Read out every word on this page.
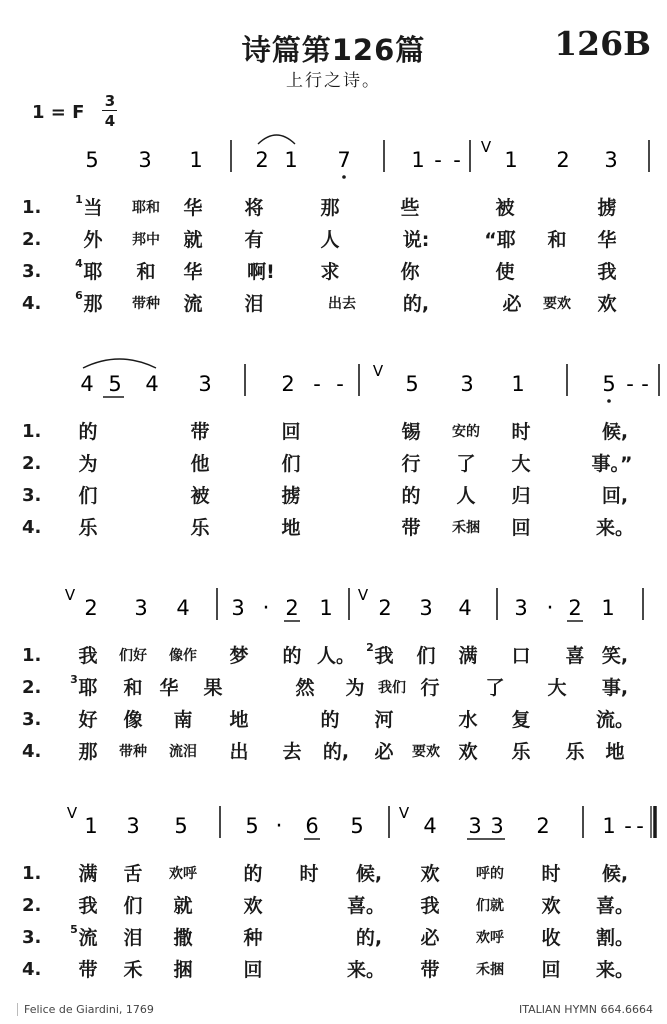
诗篇第126篇	126B
上行之诗。
1 = F
3
4
5 3 1	2 1 7	1 - -
V
1 2 3
1.	1 当 耶和 华 将	那	些	被	掳
2.	外 邦中 就 有	人	说:	“耶 和 华
3.	4 耶 和 华 啊! 求	你	使	我
4.	6 那 带种 流 泪	出去 的,	必 要欢 欢
4 5 4 3	2 - -
V
5 3 1	5 - -
1.	的	带	回	锡 安的 时	候,
2.	为	他	们	行 了 大	事。”
3.	们	被	掳	的 人 归	回,
4.	乐	乐	地	带 禾捆 回	来。
V
2 3 4 3 · 2 1
V
2 3 4 3 · 2 1
1.	我 们好 像作 梦 的 人。 2 我 们 满 口 喜 笑,
2.	3 耶 和 华 果	然 为 我们 行 了 大 事,
3.	好 像 南 地	的 河	水 复	流。
4.	那 带种 流泪 出 去 的, 必 要欢 欢 乐 乐 地
V
1 3 5	5 · 6 5
V
4 3 3 2	1 - -
1.	满 舌 欢呼 的 时 候, 欢	呼的 时 候,
2.	我 们 就	欢	喜。 我	们就 欢 喜。
3.	5 流 泪 撒	种	的, 必	欢呼 收 割。
4.	带 禾 捆	回	来。 带	禾捆 回 来。
Felice de Giardini, 1769	ITALIAN HYMN 664.6664
